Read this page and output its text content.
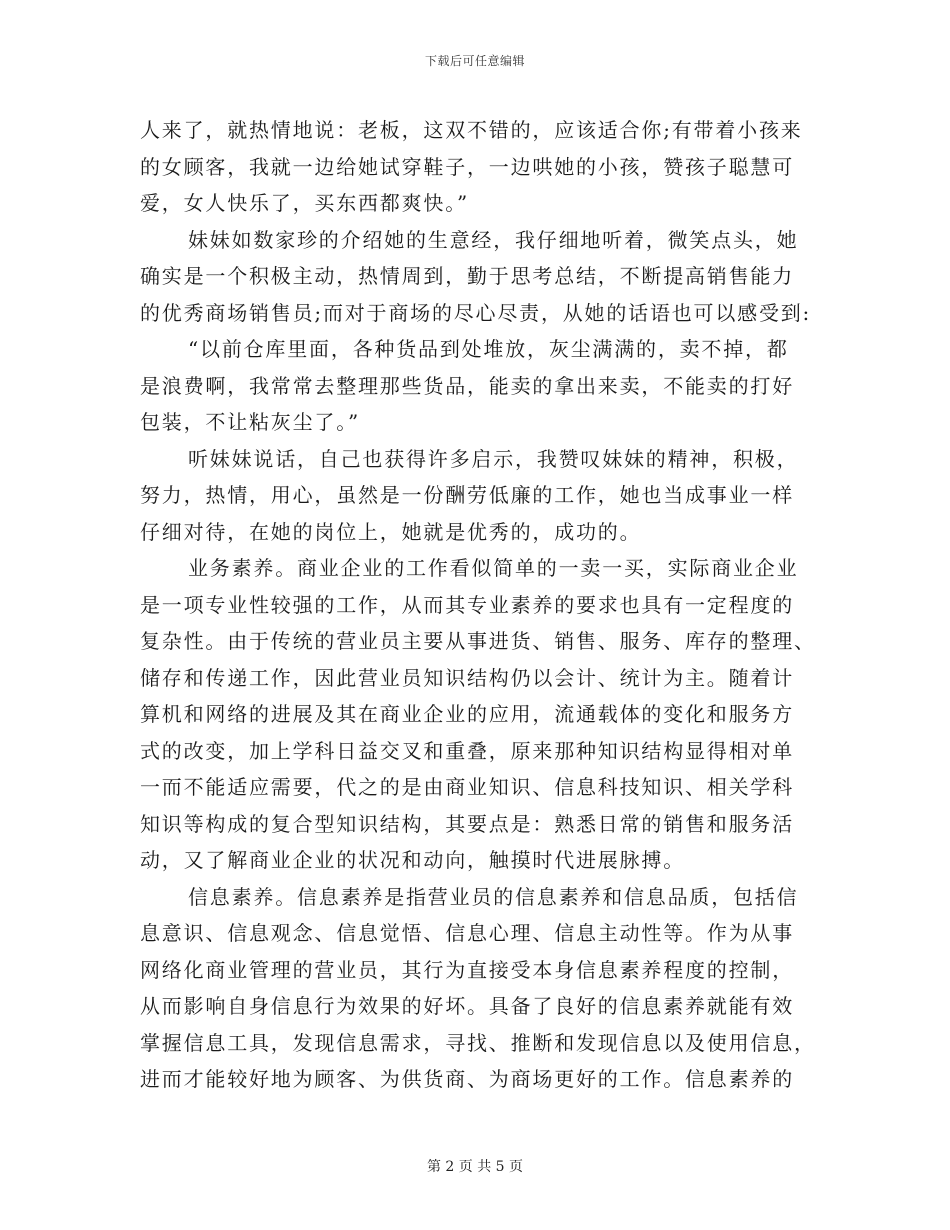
下载后可任意编辑
人来了，就热情地说：老板，这双不错的，应该适合你;有带着小孩来
的女顾客，我就一边给她试穿鞋子，一边哄她的小孩，赞孩子聪慧可
爱，女人快乐了，买东西都爽快。”
妹妹如数家珍的介绍她的生意经，我仔细地听着，微笑点头，她
确实是一个积极主动，热情周到，勤于思考总结，不断提高销售能力
的优秀商场销售员;而对于商场的尽心尽责，从她的话语也可以感受到:
“以前仓库里面，各种货品到处堆放，灰尘满满的，卖不掉，都
是浪费啊，我常常去整理那些货品，能卖的拿出来卖，不能卖的打好
包装，不让粘灰尘了。”
听妹妹说话，自己也获得许多启示，我赞叹妹妹的精神，积极，
努力，热情，用心，虽然是一份酬劳低廉的工作，她也当成事业一样
仔细对待，在她的岗位上，她就是优秀的，成功的。
业务素养。商业企业的工作看似简单的一卖一买，实际商业企业
是一项专业性较强的工作，从而其专业素养的要求也具有一定程度的
复杂性。由于传统的营业员主要从事进货、销售、服务、库存的整理、
储存和传递工作，因此营业员知识结构仍以会计、统计为主。随着计
算机和网络的进展及其在商业企业的应用，流通载体的变化和服务方
式的改变，加上学科日益交叉和重叠，原来那种知识结构显得相对单
一而不能适应需要，代之的是由商业知识、信息科技知识、相关学科
知识等构成的复合型知识结构，其要点是：熟悉日常的销售和服务活
动，又了解商业企业的状况和动向，触摸时代进展脉搏。
信息素养。信息素养是指营业员的信息素养和信息品质，包括信
息意识、信息观念、信息觉悟、信息心理、信息主动性等。作为从事
网络化商业管理的营业员，其行为直接受本身信息素养程度的控制，
从而影响自身信息行为效果的好坏。具备了良好的信息素养就能有效
掌握信息工具，发现信息需求，寻找、推断和发现信息以及使用信息，
进而才能较好地为顾客、为供货商、为商场更好的工作。信息素养的
第 2 页 共 5 页
